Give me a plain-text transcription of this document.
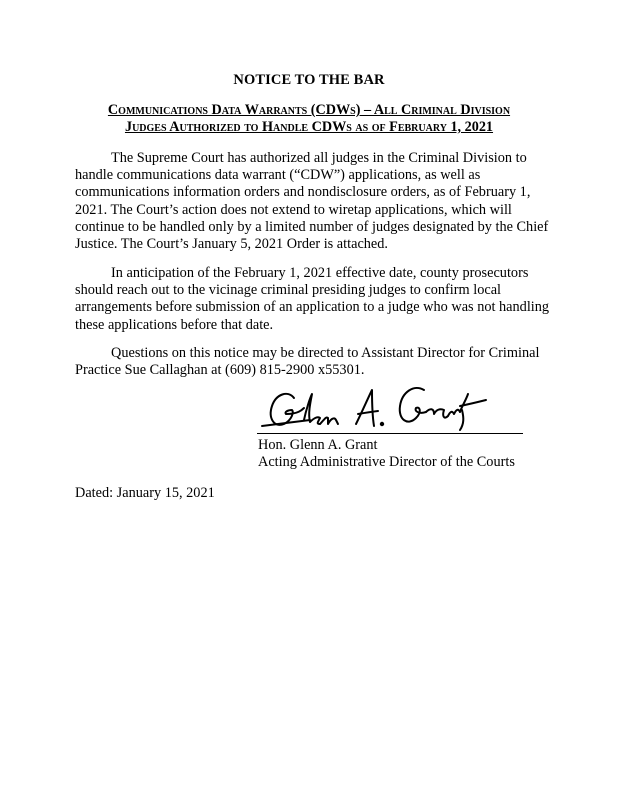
NOTICE TO THE BAR
Communications Data Warrants (CDWs) – All Criminal Division
Judges Authorized to Handle CDWs as of February 1, 2021

The Supreme Court has authorized all judges in the Criminal Division to handle communications data warrant (“CDW”) applications, as well as communications information orders and nondisclosure orders, as of February 1, 2021. The Court’s action does not extend to wiretap applications, which will continue to be handled only by a limited number of judges designated by the Chief Justice. The Court’s January 5, 2021 Order is attached.

In anticipation of the February 1, 2021 effective date, county prosecutors should reach out to the vicinage criminal presiding judges to confirm local arrangements before submission of an application to a judge who was not handling these applications before that date.

Questions on this notice may be directed to Assistant Director for Criminal Practice Sue Callaghan at (609) 815-2900 x55301.

Hon. Glenn A. Grant
Acting Administrative Director of the Courts
Dated: January 15, 2021
